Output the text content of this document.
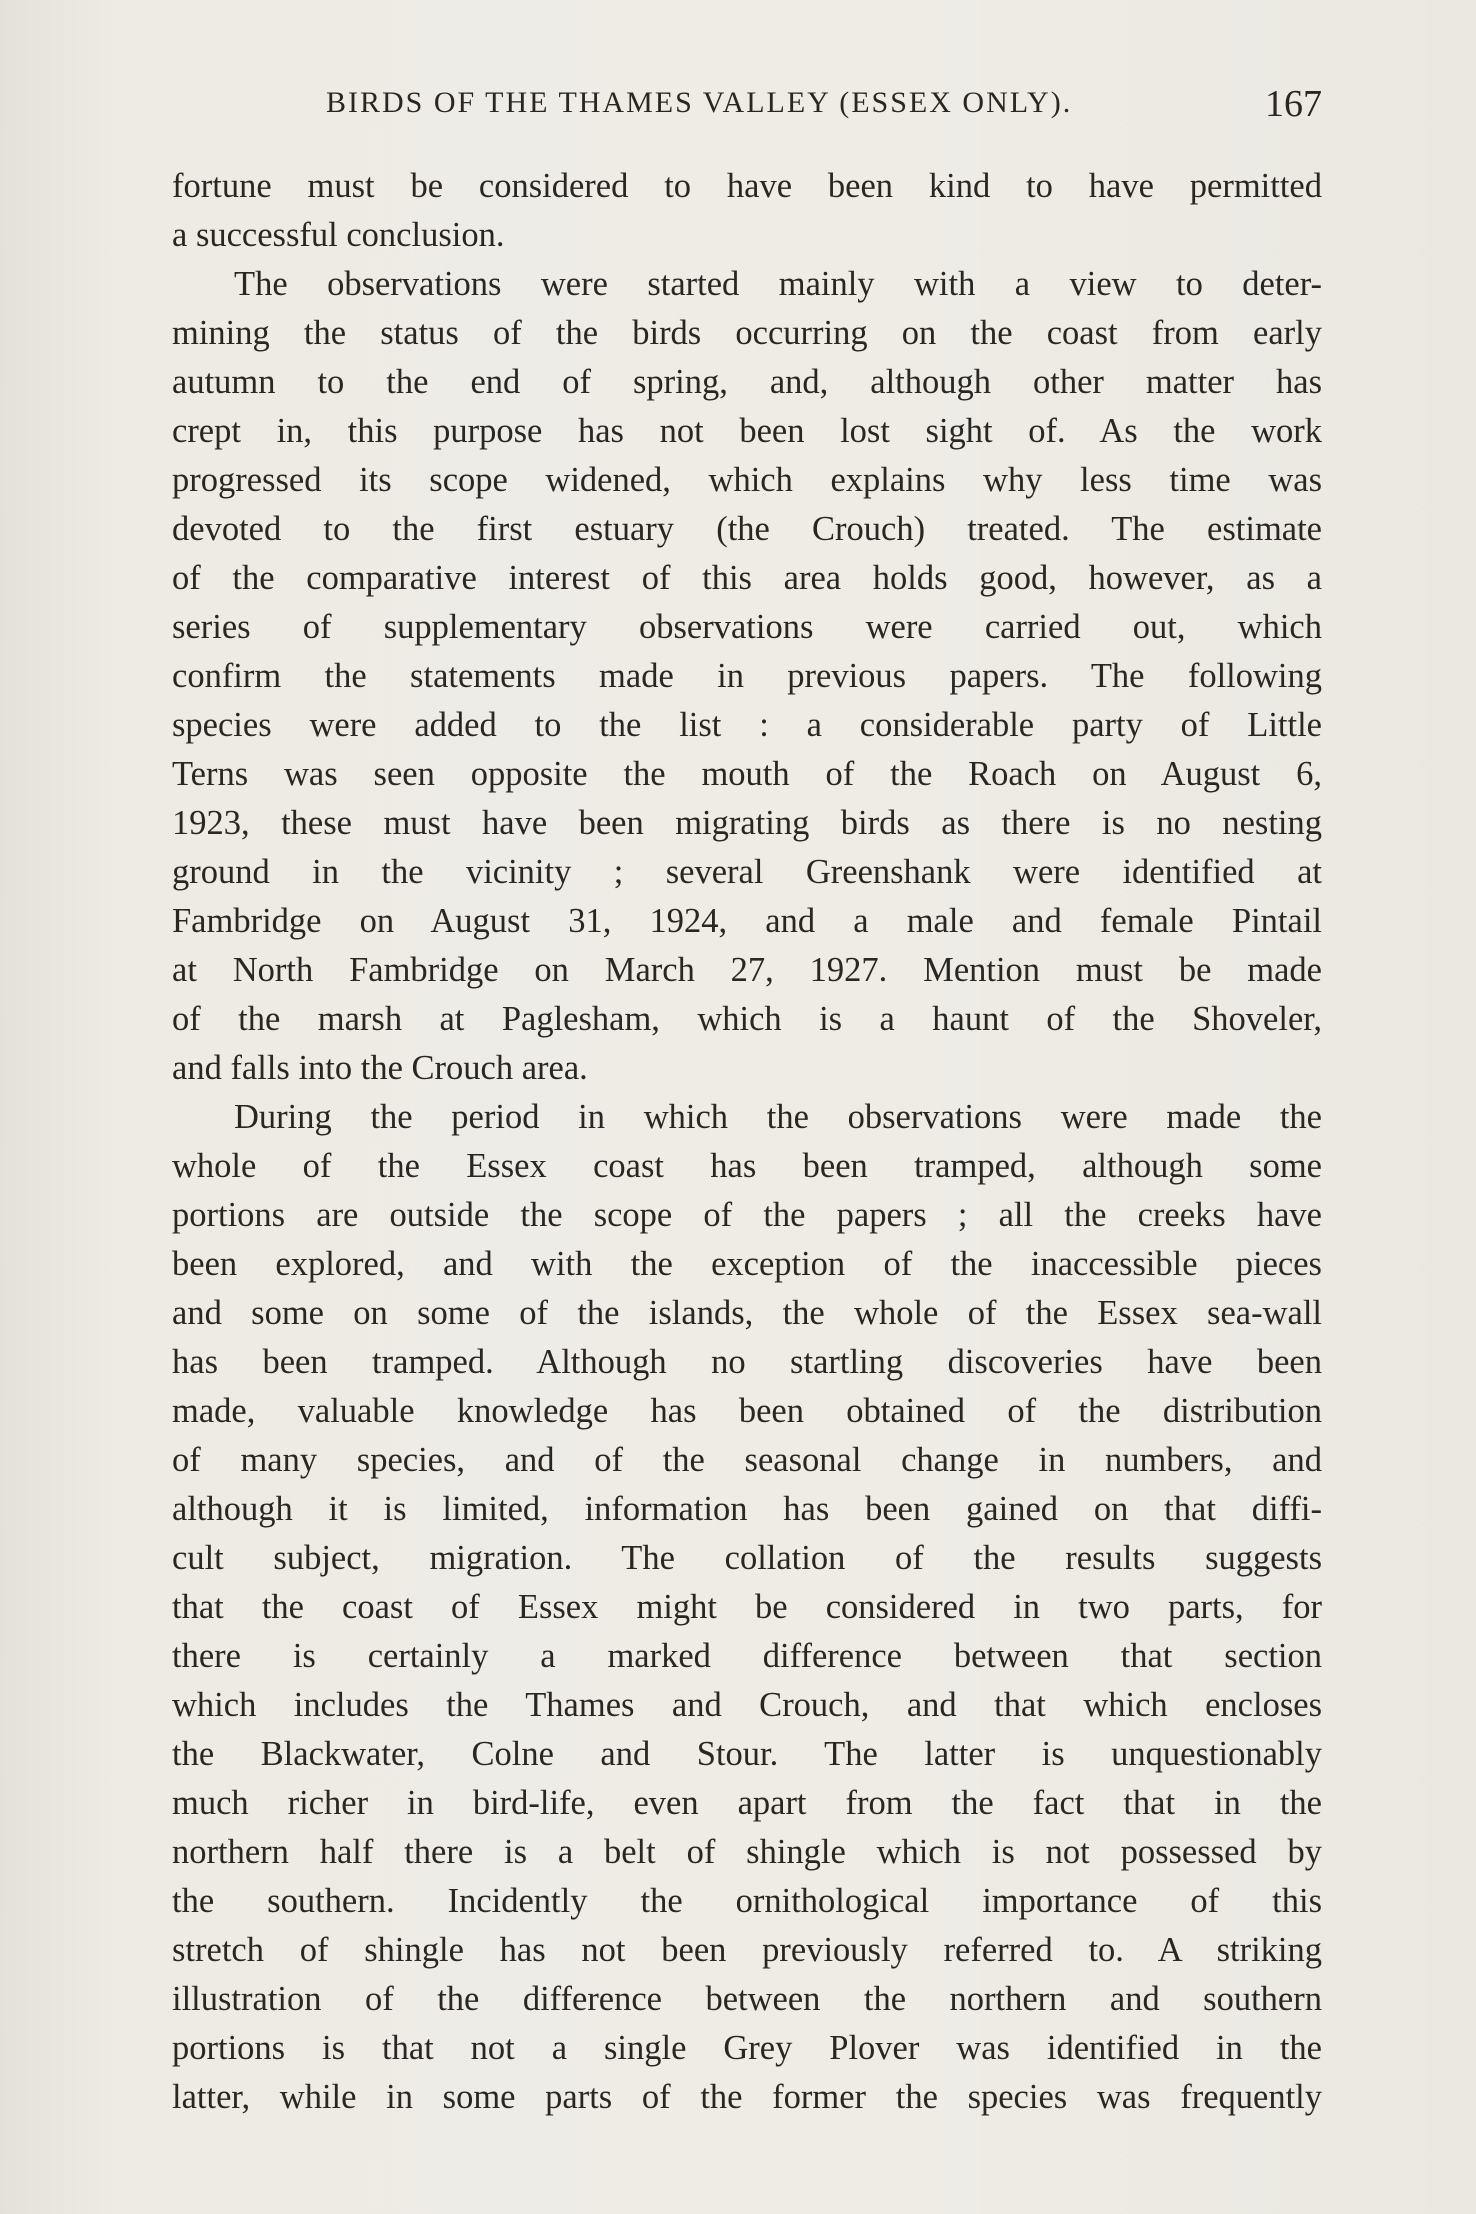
BIRDS OF THE THAMES VALLEY (ESSEX ONLY).	167
fortune must be considered to have been kind to have permitted
a successful conclusion.
The observations were started mainly with a view to deter-
mining the status of the birds occurring on the coast from early
autumn to the end of spring, and, although other matter has
crept in, this purpose has not been lost sight of. As the work
progressed its scope widened, which explains why less time was
devoted to the first estuary (the Crouch) treated. The estimate
of the comparative interest of this area holds good, however, as a
series of supplementary observations were carried out, which
confirm the statements made in previous papers. The following
species were added to the list : a considerable party of Little
Terns was seen opposite the mouth of the Roach on August 6,
1923, these must have been migrating birds as there is no nesting
ground in the vicinity ; several Greenshank were identified at
Fambridge on August 31, 1924, and a male and female Pintail
at North Fambridge on March 27, 1927. Mention must be made
of the marsh at Paglesham, which is a haunt of the Shoveler,
and falls into the Crouch area.
During the period in which the observations were made the
whole of the Essex coast has been tramped, although some
portions are outside the scope of the papers ; all the creeks have
been explored, and with the exception of the inaccessible pieces
and some on some of the islands, the whole of the Essex sea-wall
has been tramped. Although no startling discoveries have been
made, valuable knowledge has been obtained of the distribution
of many species, and of the seasonal change in numbers, and
although it is limited, information has been gained on that diffi-
cult subject, migration. The collation of the results suggests
that the coast of Essex might be considered in two parts, for
there is certainly a marked difference between that section
which includes the Thames and Crouch, and that which encloses
the Blackwater, Colne and Stour. The latter is unquestionably
much richer in bird-life, even apart from the fact that in the
northern half there is a belt of shingle which is not possessed by
the southern. Incidently the ornithological importance of this
stretch of shingle has not been previously referred to. A striking
illustration of the difference between the northern and southern
portions is that not a single Grey Plover was identified in the
latter, while in some parts of the former the species was frequently
